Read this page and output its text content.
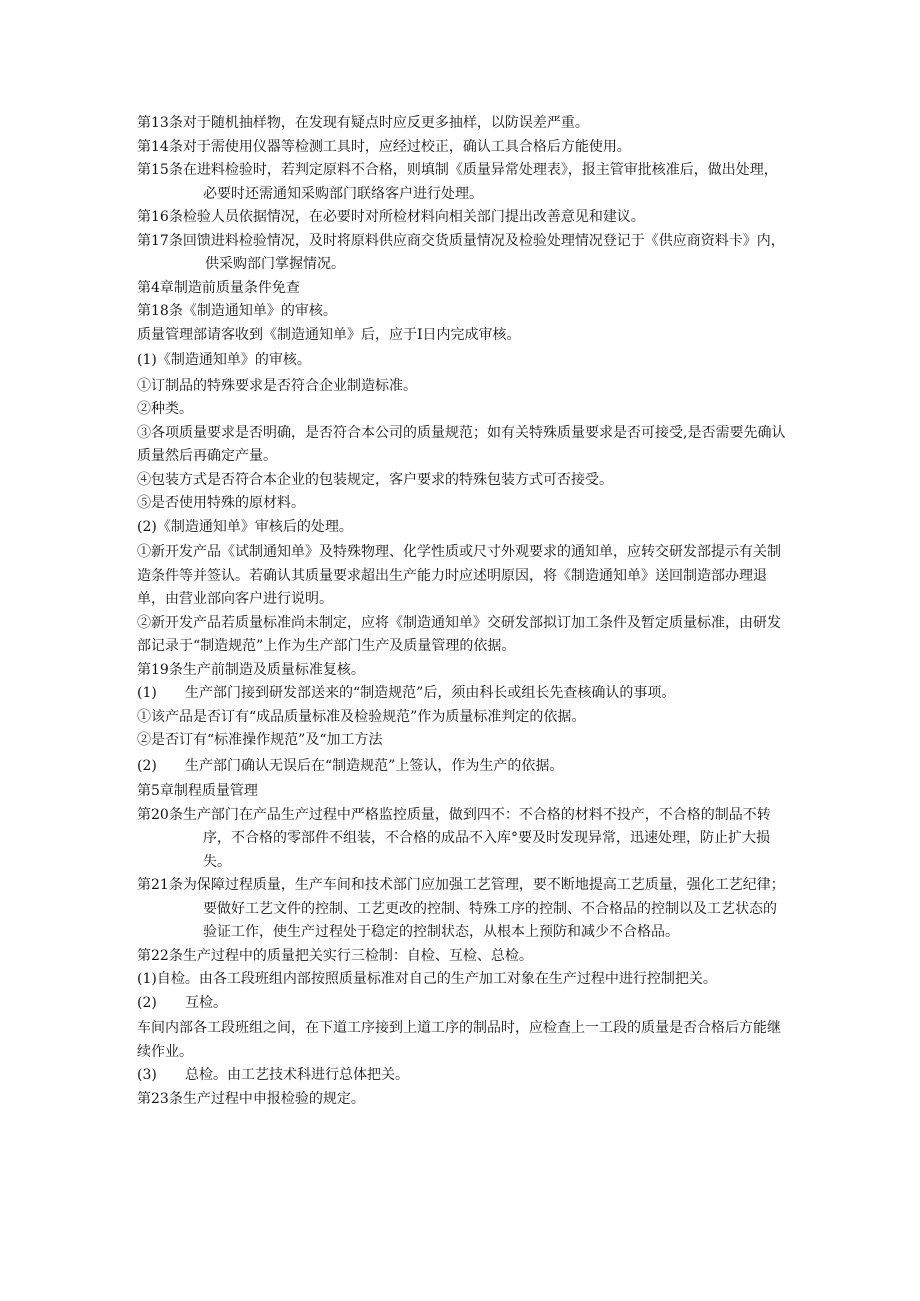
第13条对于随机抽样物，在发现有疑点时应反更多抽样，以防误差严重。

第14条对于需使用仪器等检测工具时，应经过校正，确认工具合格后方能使用。

第15条在进料检验时，若判定原料不合格，则填制《质量异常处理表》，报主管审批核准后，做出处理，必要时还需通知采购部门联络客户进行处理。

第16条检验人员依据情况，在必要时对所检材料向相关部门提出改善意见和建议。

第17条回馈进料检验情况，及时将原料供应商交货质量情况及检验处理情况登记于《供应商资料卡》内，供采购部门掌握情况。

第4章制造前质量条件免查

第18条《制造通知单》的审核。

质量管理部请客收到《制造通知单》后，应于I日内完成审核。

(1)《制造通知单》的审核。

①订制品的特殊要求是否符合企业制造标准。

②种类。

③各项质量要求是否明确，是否符合本公司的质量规范；如有关特殊质量要求是否可接受,是否需要先确认质量然后再确定产量。

④包装方式是否符合本企业的包装规定，客户要求的特殊包装方式可否接受。

⑤是否使用特殊的原材料。

(2)《制造通知单》审核后的处理。

①新开发产品《试制通知单》及特殊物理、化学性质或尺寸外观要求的通知单，应转交研发部提示有关制造条件等并签认。若确认其质量要求超出生产能力时应述明原因，将《制造通知单》送回制造部办理退单，由营业部向客户进行说明。

②新开发产品若质量标准尚未制定，应将《制造通知单》交研发部拟订加工条件及暂定质量标准，由研发部记录于“制造规范”上作为生产部门生产及质量管理的依据。

第19条生产前制造及质量标准复核。

(1) 生产部门接到研发部送来的“制造规范”后，须由科长或组长先查核确认的事项。

①该产品是否订有“成品质量标准及检验规范”作为质量标准判定的依据。

②是否订有“标准操作规范”及“加工方法

(2) 生产部门确认无误后在“制造规范”上签认，作为生产的依据。

第5章制程质量管理

第20条生产部门在产品生产过程中严格监控质量，做到四不：不合格的材料不投产，不合格的制品不转序，不合格的零部件不组装，不合格的成品不入库°要及时发现异常，迅速处理，防止扩大损失。

第21条为保障过程质量，生产车间和技术部门应加强工艺管理，要不断地提高工艺质量，强化工艺纪律；要做好工艺文件的控制、工艺更改的控制、特殊工序的控制、不合格品的控制以及工艺状态的验证工作，使生产过程处于稳定的控制状态，从根本上预防和减少不合格品。

第22条生产过程中的质量把关实行三检制：自检、互检、总检。

(1)自检。由各工段班组内部按照质量标准对自己的生产加工对象在生产过程中进行控制把关。

(2) 互检。

车间内部各工段班组之间，在下道工序接到上道工序的制品时，应检查上一工段的质量是否合格后方能继续作业。

(3) 总检。由工艺技术科进行总体把关。

第23条生产过程中申报检验的规定。
